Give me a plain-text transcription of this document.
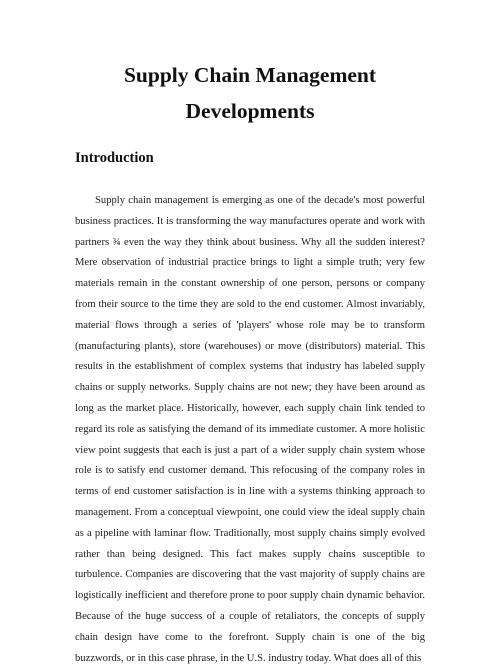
Supply Chain Management
Developments
Introduction

Supply chain management is emerging as one of the decade's most powerful business practices. It is transforming the way manufactures operate and work with partners ¾ even the way they think about business. Why all the sudden interest? Mere observation of industrial practice brings to light a simple truth; very few materials remain in the constant ownership of one person, persons or company from their source to the time they are sold to the end customer. Almost invariably, material flows through a series of 'players' whose role may be to transform (manufacturing plants), store (warehouses) or move (distributors) material. This results in the establishment of complex systems that industry has labeled supply chains or supply networks. Supply chains are not new; they have been around as long as the market place. Historically, however, each supply chain link tended to regard its role as satisfying the demand of its immediate customer. A more holistic view point suggests that each is just a part of a wider supply chain system whose role is to satisfy end customer demand. This refocusing of the company roles in terms of end customer satisfaction is in line with a systems thinking approach to management. From a conceptual viewpoint, one could view the ideal supply chain as a pipeline with laminar flow. Traditionally, most supply chains simply evolved rather than being designed. This fact makes supply chains susceptible to turbulence. Companies are discovering that the vast majority of supply chains are logistically inefficient and therefore prone to poor supply chain dynamic behavior. Because of the huge success of a couple of retaliators, the concepts of supply chain design have come to the forefront. Supply chain is one of the big buzzwords, or in this case phrase, in the U.S. industry today. What does all of this
